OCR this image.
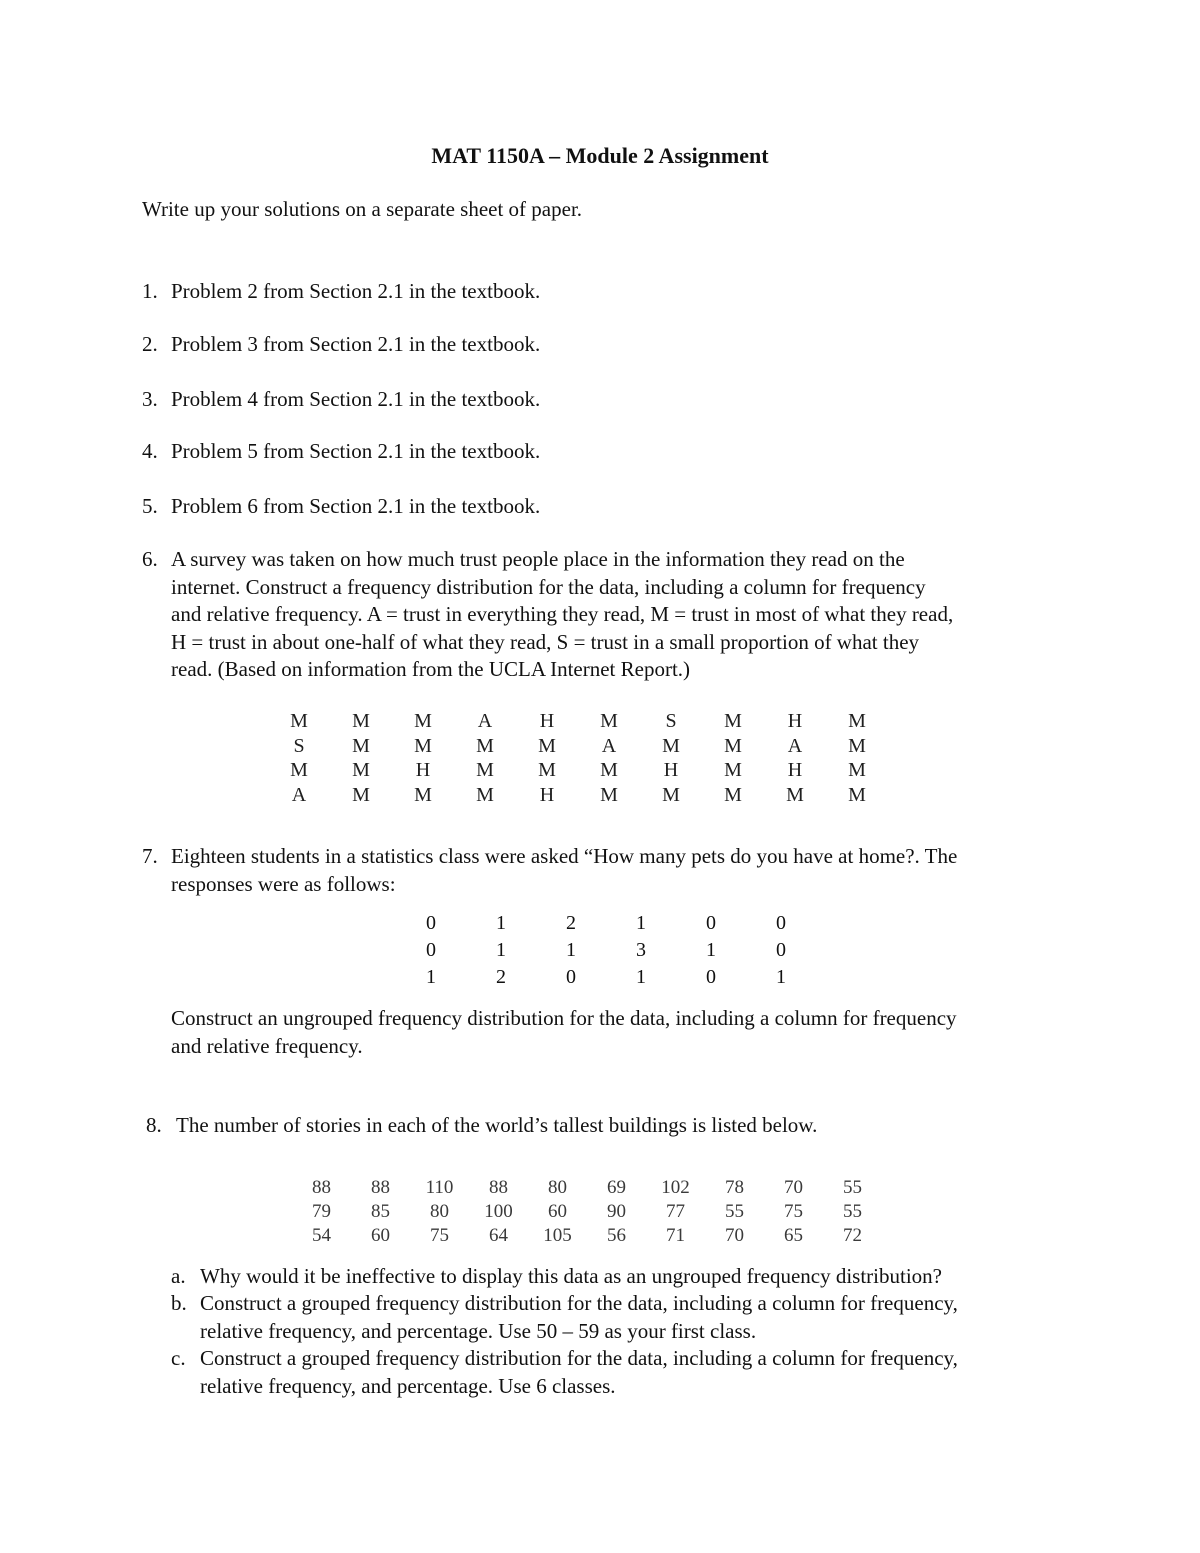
MAT 1150A – Module 2 Assignment
Write up your solutions on a separate sheet of paper.
1. Problem 2 from Section 2.1 in the textbook.
2. Problem 3 from Section 2.1 in the textbook.
3. Problem 4 from Section 2.1 in the textbook.
4. Problem 5 from Section 2.1 in the textbook.
5. Problem 6 from Section 2.1 in the textbook.
6. A survey was taken on how much trust people place in the information they read on the
internet. Construct a frequency distribution for the data, including a column for frequency
and relative frequency. A = trust in everything they read, M = trust in most of what they read,
H = trust in about one-half of what they read, S = trust in a small proportion of what they
read. (Based on information from the UCLA Internet Report.)
M	M	M	A	H	M	S	M	H	M
S	M	M	M	M	A	M	M	A	M
M	M	H	M	M	M	H	M	H	M
A	M	M	M	H	M	M	M	M	M
7. Eighteen students in a statistics class were asked “How many pets do you have at home?. The
responses were as follows:
0	1	2	1	0	0
0	1	1	3	1	0
1	2	0	1	0	1
Construct an ungrouped frequency distribution for the data, including a column for frequency
and relative frequency.
8. The number of stories in each of the world’s tallest buildings is listed below.
88	88	110	88	80	69	102	78	70	55
79	85	80	100	60	90	77	55	75	55
54	60	75	64	105	56	71	70	65	72
a. Why would it be ineffective to display this data as an ungrouped frequency distribution?
b. Construct a grouped frequency distribution for the data, including a column for frequency,
relative frequency, and percentage. Use 50 – 59 as your first class.
c. Construct a grouped frequency distribution for the data, including a column for frequency,
relative frequency, and percentage. Use 6 classes.
